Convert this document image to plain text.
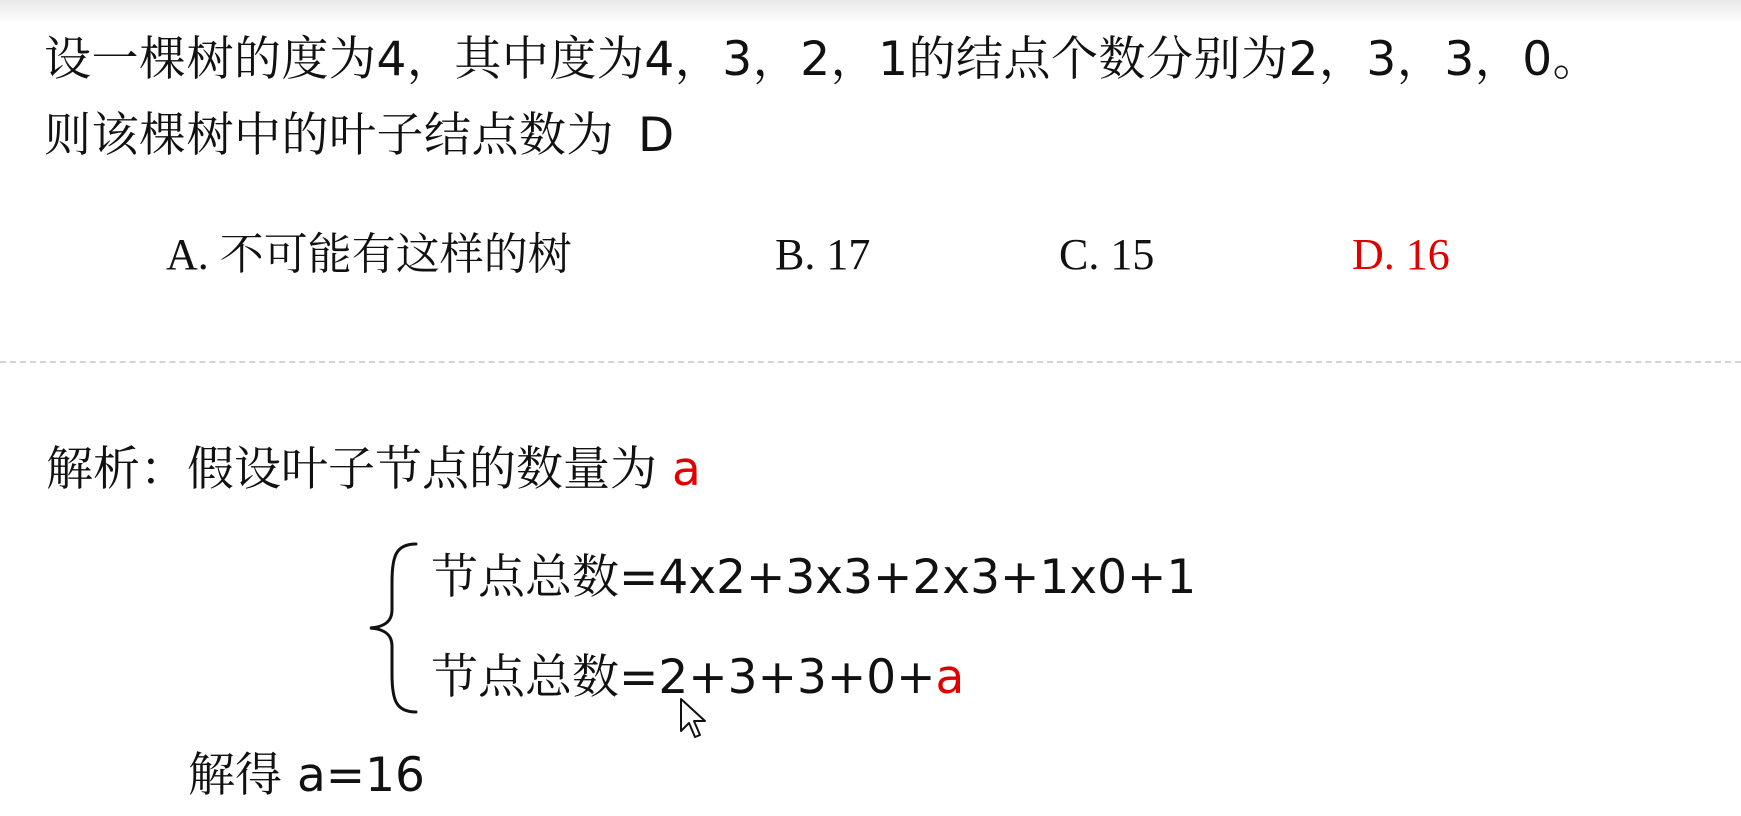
设一棵树的度为4，其中度为4，3，2，1的结点个数分别为2，3，3，0。
则该棵树中的叶子结点数为 D
A. 不可能有这样的树	B. 17	C. 15	D. 16
解析：假设叶子节点的数量为 a
节点总数=4x2+3x3+2x3+1x0+1
节点总数=2+3+3+0+a
解得 a=16
